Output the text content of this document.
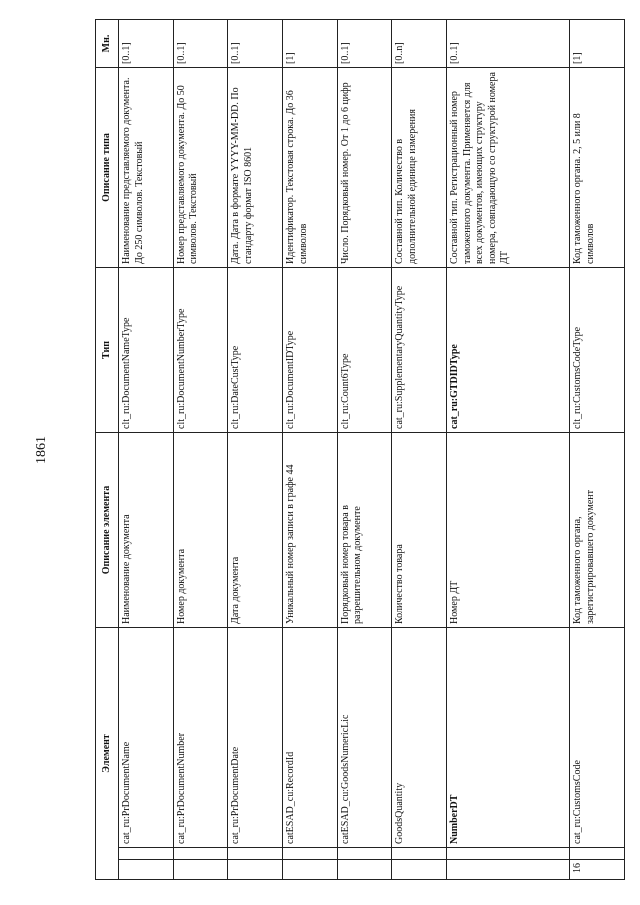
1861
Элемент			Описание элемента	Тип	Описание типа	Мн.
		cat_ru:PrDocumentName	Наименование документа	clt_ru:DocumentNameType	Наименование представляемого документа. До 250 символов. Текстовый	[0..1]
		cat_ru:PrDocumentNumber	Номер документа	clt_ru:DocumentNumberType	Номер представляемого документа. До 50 символов. Текстовый	[0..1]
		cat_ru:PrDocumentDate	Дата документа	clt_ru:DateCustType	Дата. Дата в формате YYYY-MM-DD. По стандарту формат ISO 8601	[0..1]
		catESAD_cu:RecordId	Уникальный номер записи в графе 44	clt_ru:DocumentIDType	Идентификатор. Текстовая строка. До 36 символов	[1]
		catESAD_cu:GoodsNumericLic	Порядковый номер товара в разрешительном документе	clt_ru:Count6Type	Число. Порядковый номер. От 1 до 6 цифр	[0..1]
		GoodsQuantity	Количество товара	cat_ru:SupplementaryQuantityType	Составной тип. Количество в дополнительной единице измерения	[0..n]
		NumberDT	Номер ДТ	cat_ru:GTDIDType	Составной тип. Регистрационный номер таможенного документа. Применяется для всех документов, имеющих структуру номера, совпадающую со структурой номера ДТ	[0..1]
16		cat_ru:CustomsCode	Код таможенного органа, зарегистрировавшего документ	clt_ru:CustomsCodeType	Код таможенного органа. 2, 5 или 8 символов	[1]
